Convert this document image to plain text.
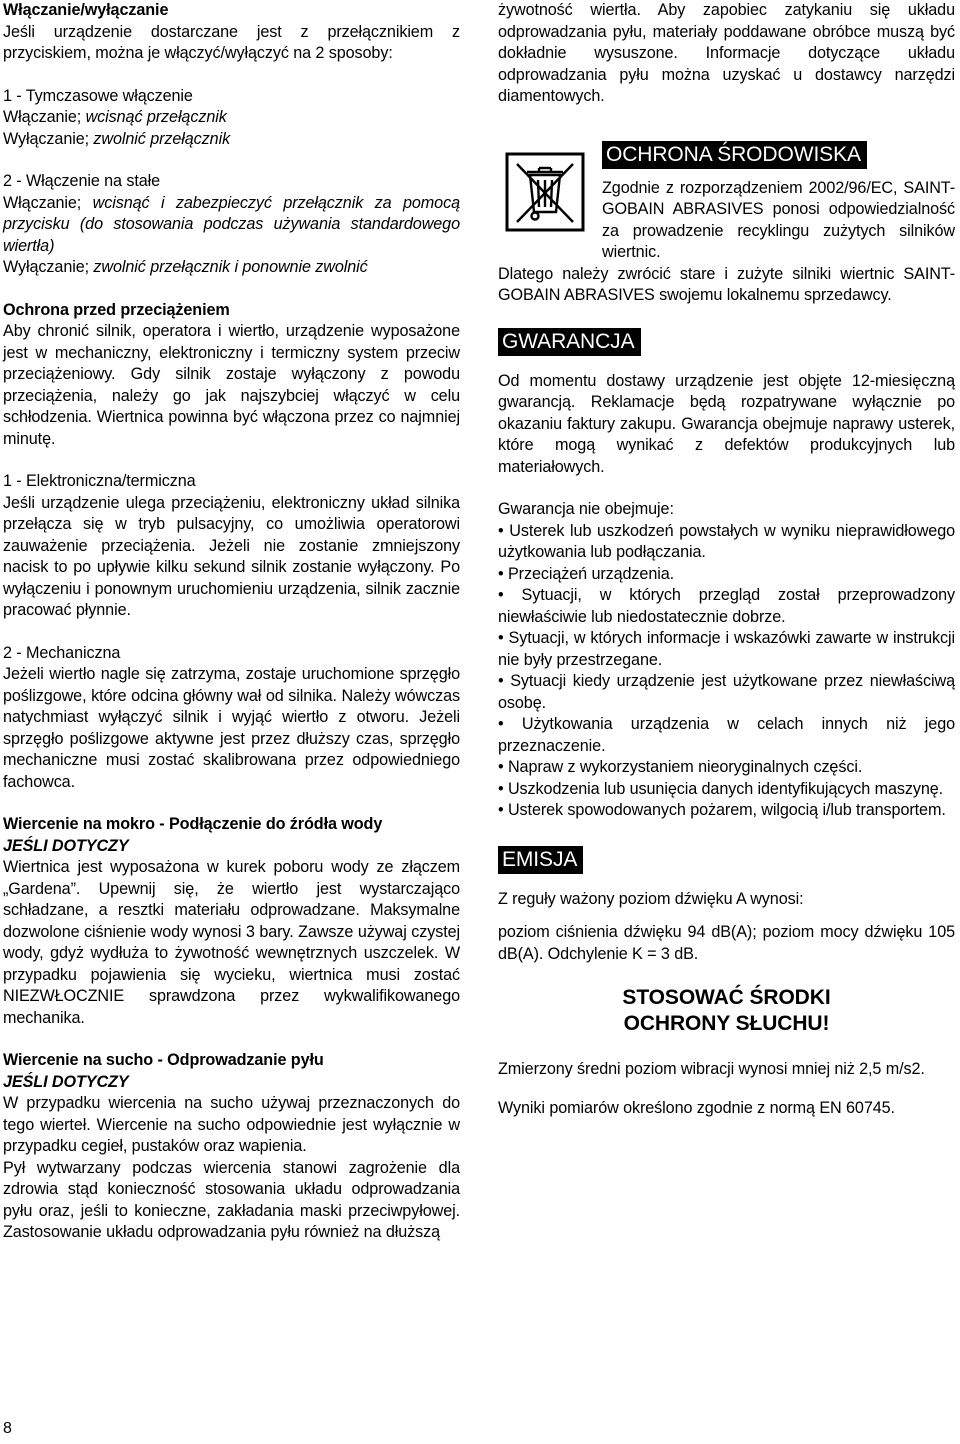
Włączanie/wyłączanie

Jeśli urządzenie dostarczane jest z przełącznikiem z przyciskiem, można je włączyć/wyłączyć na 2 sposoby:

1 - Tymczasowe włączenie

Włączanie; wcisnąć przełącznik

Wyłączanie; zwolnić przełącznik

2 - Włączenie na stałe

Włączanie; wcisnąć i zabezpieczyć przełącznik za pomocą przycisku (do stosowania podczas używania standardowego wiertła)

Wyłączanie; zwolnić przełącznik i ponownie zwolnić

Ochrona przed przeciążeniem

Aby chronić silnik, operatora i wiertło, urządzenie wyposażone jest w mechaniczny, elektroniczny i termiczny system przeciw przeciążeniowy. Gdy silnik zostaje wyłączony z powodu przeciążenia, należy go jak najszybciej włączyć w celu schłodzenia. Wiertnica powinna być włączona przez co najmniej minutę.

1 - Elektroniczna/termiczna

Jeśli urządzenie ulega przeciążeniu, elektroniczny układ silnika przełącza się w tryb pulsacyjny, co umożliwia operatorowi zauważenie przeciążenia. Jeżeli nie zostanie zmniejszony nacisk to po upływie kilku sekund silnik zostanie wyłączony. Po wyłączeniu i ponownym uruchomieniu urządzenia, silnik zacznie pracować płynnie.

2 - Mechaniczna

Jeżeli wiertło nagle się zatrzyma, zostaje uruchomione sprzęgło poślizgowe, które odcina główny wał od silnika. Należy wówczas natychmiast wyłączyć silnik i wyjąć wiertło z otworu. Jeżeli sprzęgło poślizgowe aktywne jest przez dłuższy czas, sprzęgło mechaniczne musi zostać skalibrowana przez odpowiedniego fachowca.

Wiercenie na mokro - Podłączenie do źródła wody

JEŚLI DOTYCZY

Wiertnica jest wyposażona w kurek poboru wody ze złączem „Gardena”. Upewnij się, że wiertło jest wystarczająco schładzane, a resztki materiału odprowadzane. Maksymalne dozwolone ciśnienie wody wynosi 3 bary. Zawsze używaj czystej wody, gdyż wydłuża to żywotność wewnętrznych uszczelek. W przypadku pojawienia się wycieku, wiertnica musi zostać NIEZWŁOCZNIE sprawdzona przez wykwalifikowanego mechanika.

Wiercenie na sucho - Odprowadzanie pyłu

JEŚLI DOTYCZY

W przypadku wiercenia na sucho używaj przeznaczonych do tego wierteł. Wiercenie na sucho odpowiednie jest wyłącznie w przypadku cegieł, pustaków oraz wapienia.

Pył wytwarzany podczas wiercenia stanowi zagrożenie dla zdrowia stąd konieczność stosowania układu odprowadzania pyłu oraz, jeśli to konieczne, zakładania maski przeciwpyłowej. Zastosowanie układu odprowadzania pyłu również na dłuższą

żywotność wiertła. Aby zapobiec zatykaniu się układu odprowadzania pyłu, materiały poddawane obróbce muszą być dokładnie wysuszone. Informacje dotyczące układu odprowadzania pyłu można uzyskać u dostawcy narzędzi diamentowych.

OCHRONA ŚRODOWISKA

Zgodnie z rozporządzeniem 2002/96/EC, SAINT-GOBAIN ABRASIVES ponosi odpowiedzialność za prowadzenie recyklingu zużytych silników wiertnic.

Dlatego należy zwrócić stare i zużyte silniki wiertnic SAINT-GOBAIN ABRASIVES swojemu lokalnemu sprzedawcy.

GWARANCJA

Od momentu dostawy urządzenie jest objęte 12-miesięczną gwarancją. Reklamacje będą rozpatrywane wyłącznie po okazaniu faktury zakupu. Gwarancja obejmuje naprawy usterek, które mogą wynikać z defektów produkcyjnych lub materiałowych.

Gwarancja nie obejmuje:

• Usterek lub uszkodzeń powstałych w wyniku nieprawidłowego użytkowania lub podłączania.

• Przeciążeń urządzenia.

• Sytuacji, w których przegląd został przeprowadzony niewłaściwie lub niedostatecznie dobrze.

• Sytuacji, w których informacje i wskazówki zawarte w instrukcji nie były przestrzegane.

• Sytuacji kiedy urządzenie jest użytkowane przez niewłaściwą osobę.

• Użytkowania urządzenia w celach innych niż jego przeznaczenie.

• Napraw z wykorzystaniem nieoryginalnych części.

• Uszkodzenia lub usunięcia danych identyfikujących maszynę.

• Usterek spowodowanych pożarem, wilgocią i/lub transportem.

EMISJA

Z reguły ważony poziom dźwięku A wynosi:

poziom ciśnienia dźwięku 94 dB(A); poziom mocy dźwięku 105 dB(A). Odchylenie K = 3 dB.

STOSOWAĆ ŚRODKI OCHRONY SŁUCHU!

Zmierzony średni poziom wibracji wynosi mniej niż 2,5 m/s2.

Wyniki pomiarów określono zgodnie z normą EN 60745.

8
